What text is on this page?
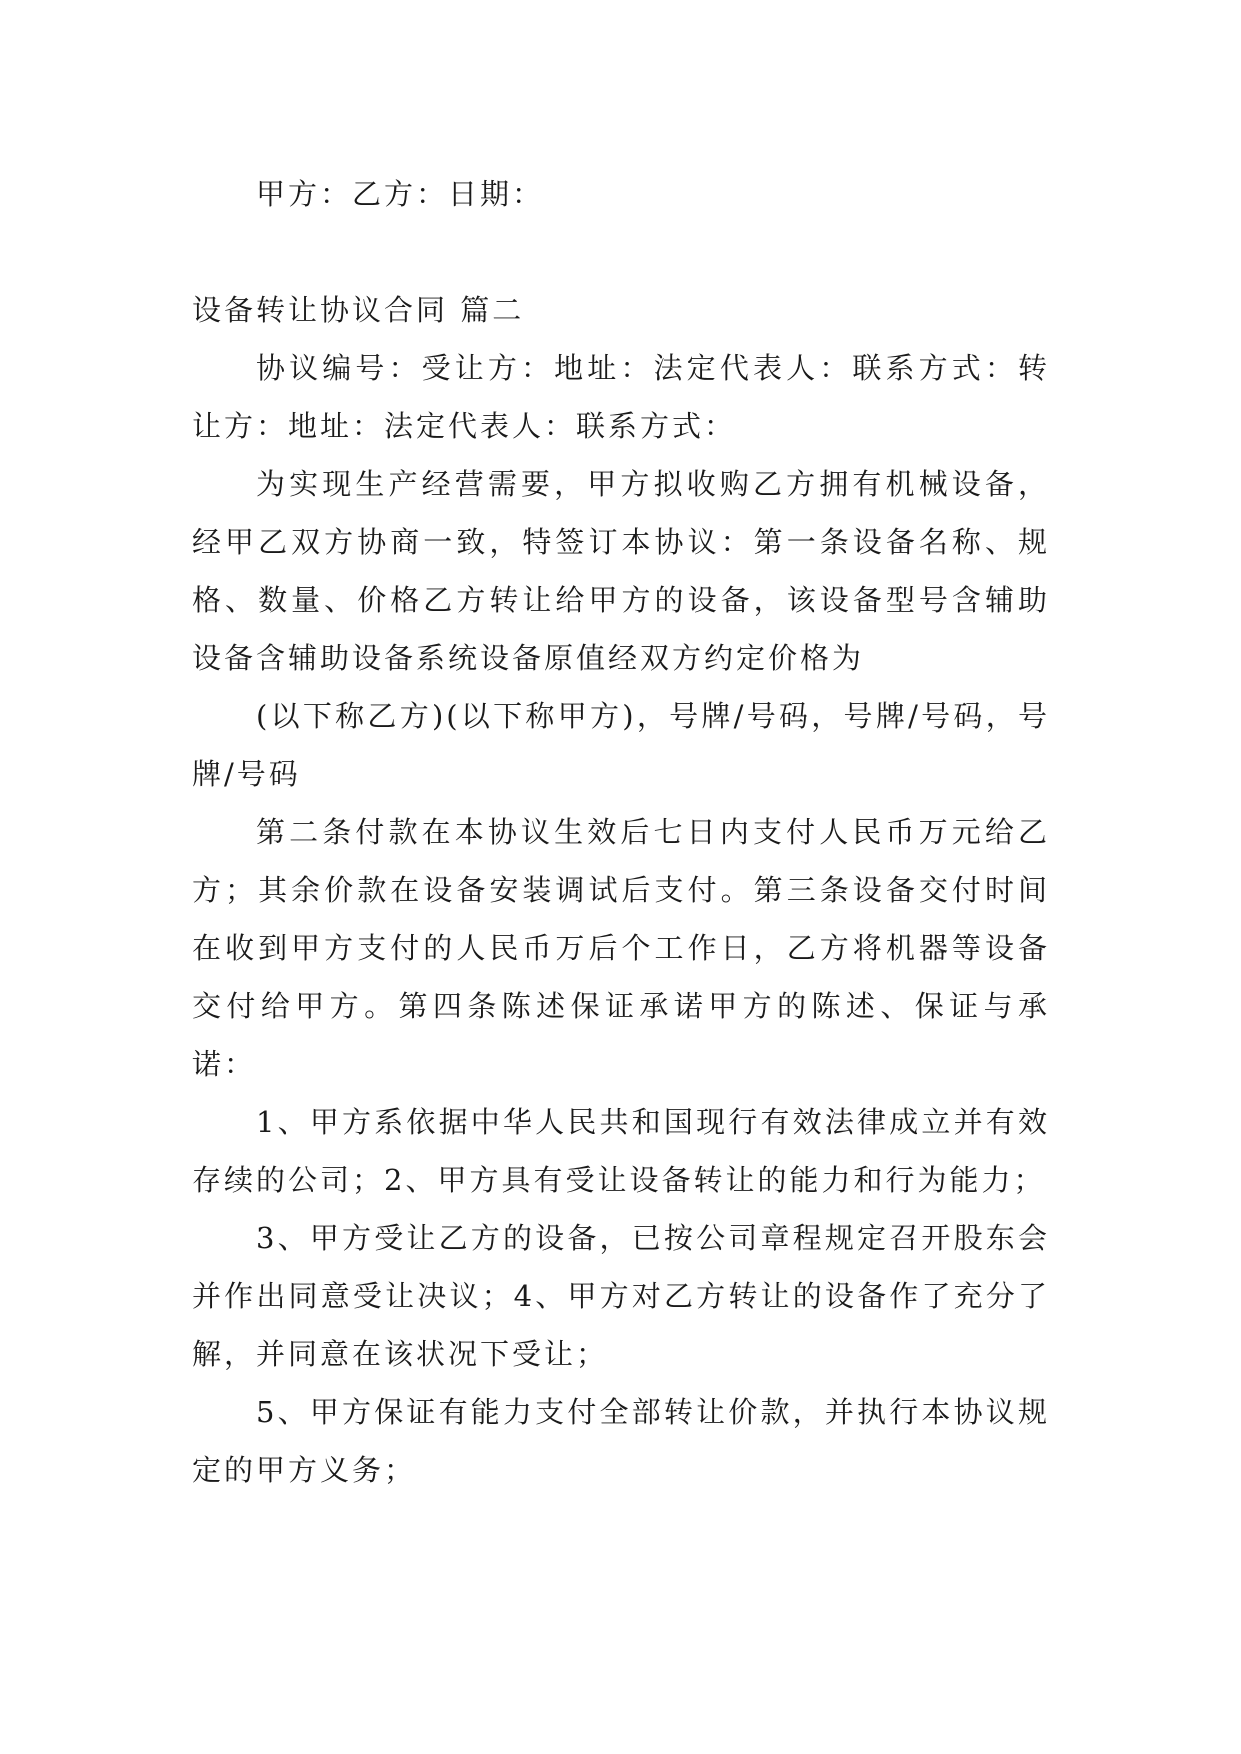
甲方：乙方：日期：

设备转让协议合同 篇二

协议编号：受让方：地址：法定代表人：联系方式：转让方：地址：法定代表人：联系方式：

为实现生产经营需要，甲方拟收购乙方拥有机械设备，经甲乙双方协商一致，特签订本协议：第一条设备名称、规格、数量、价格乙方转让给甲方的设备，该设备型号含辅助设备含辅助设备系统设备原值经双方约定价格为

(以下称乙方)(以下称甲方)，号牌/号码，号牌/号码，号牌/号码

第二条付款在本协议生效后七日内支付人民币万元给乙方；其余价款在设备安装调试后支付。第三条设备交付时间在收到甲方支付的人民币万后个工作日，乙方将机器等设备交付给甲方。第四条陈述保证承诺甲方的陈述、保证与承诺：

1、甲方系依据中华人民共和国现行有效法律成立并有效存续的公司；2、甲方具有受让设备转让的能力和行为能力；

3、甲方受让乙方的设备，已按公司章程规定召开股东会并作出同意受让决议；4、甲方对乙方转让的设备作了充分了解，并同意在该状况下受让；

5、甲方保证有能力支付全部转让价款，并执行本协议规定的甲方义务；
